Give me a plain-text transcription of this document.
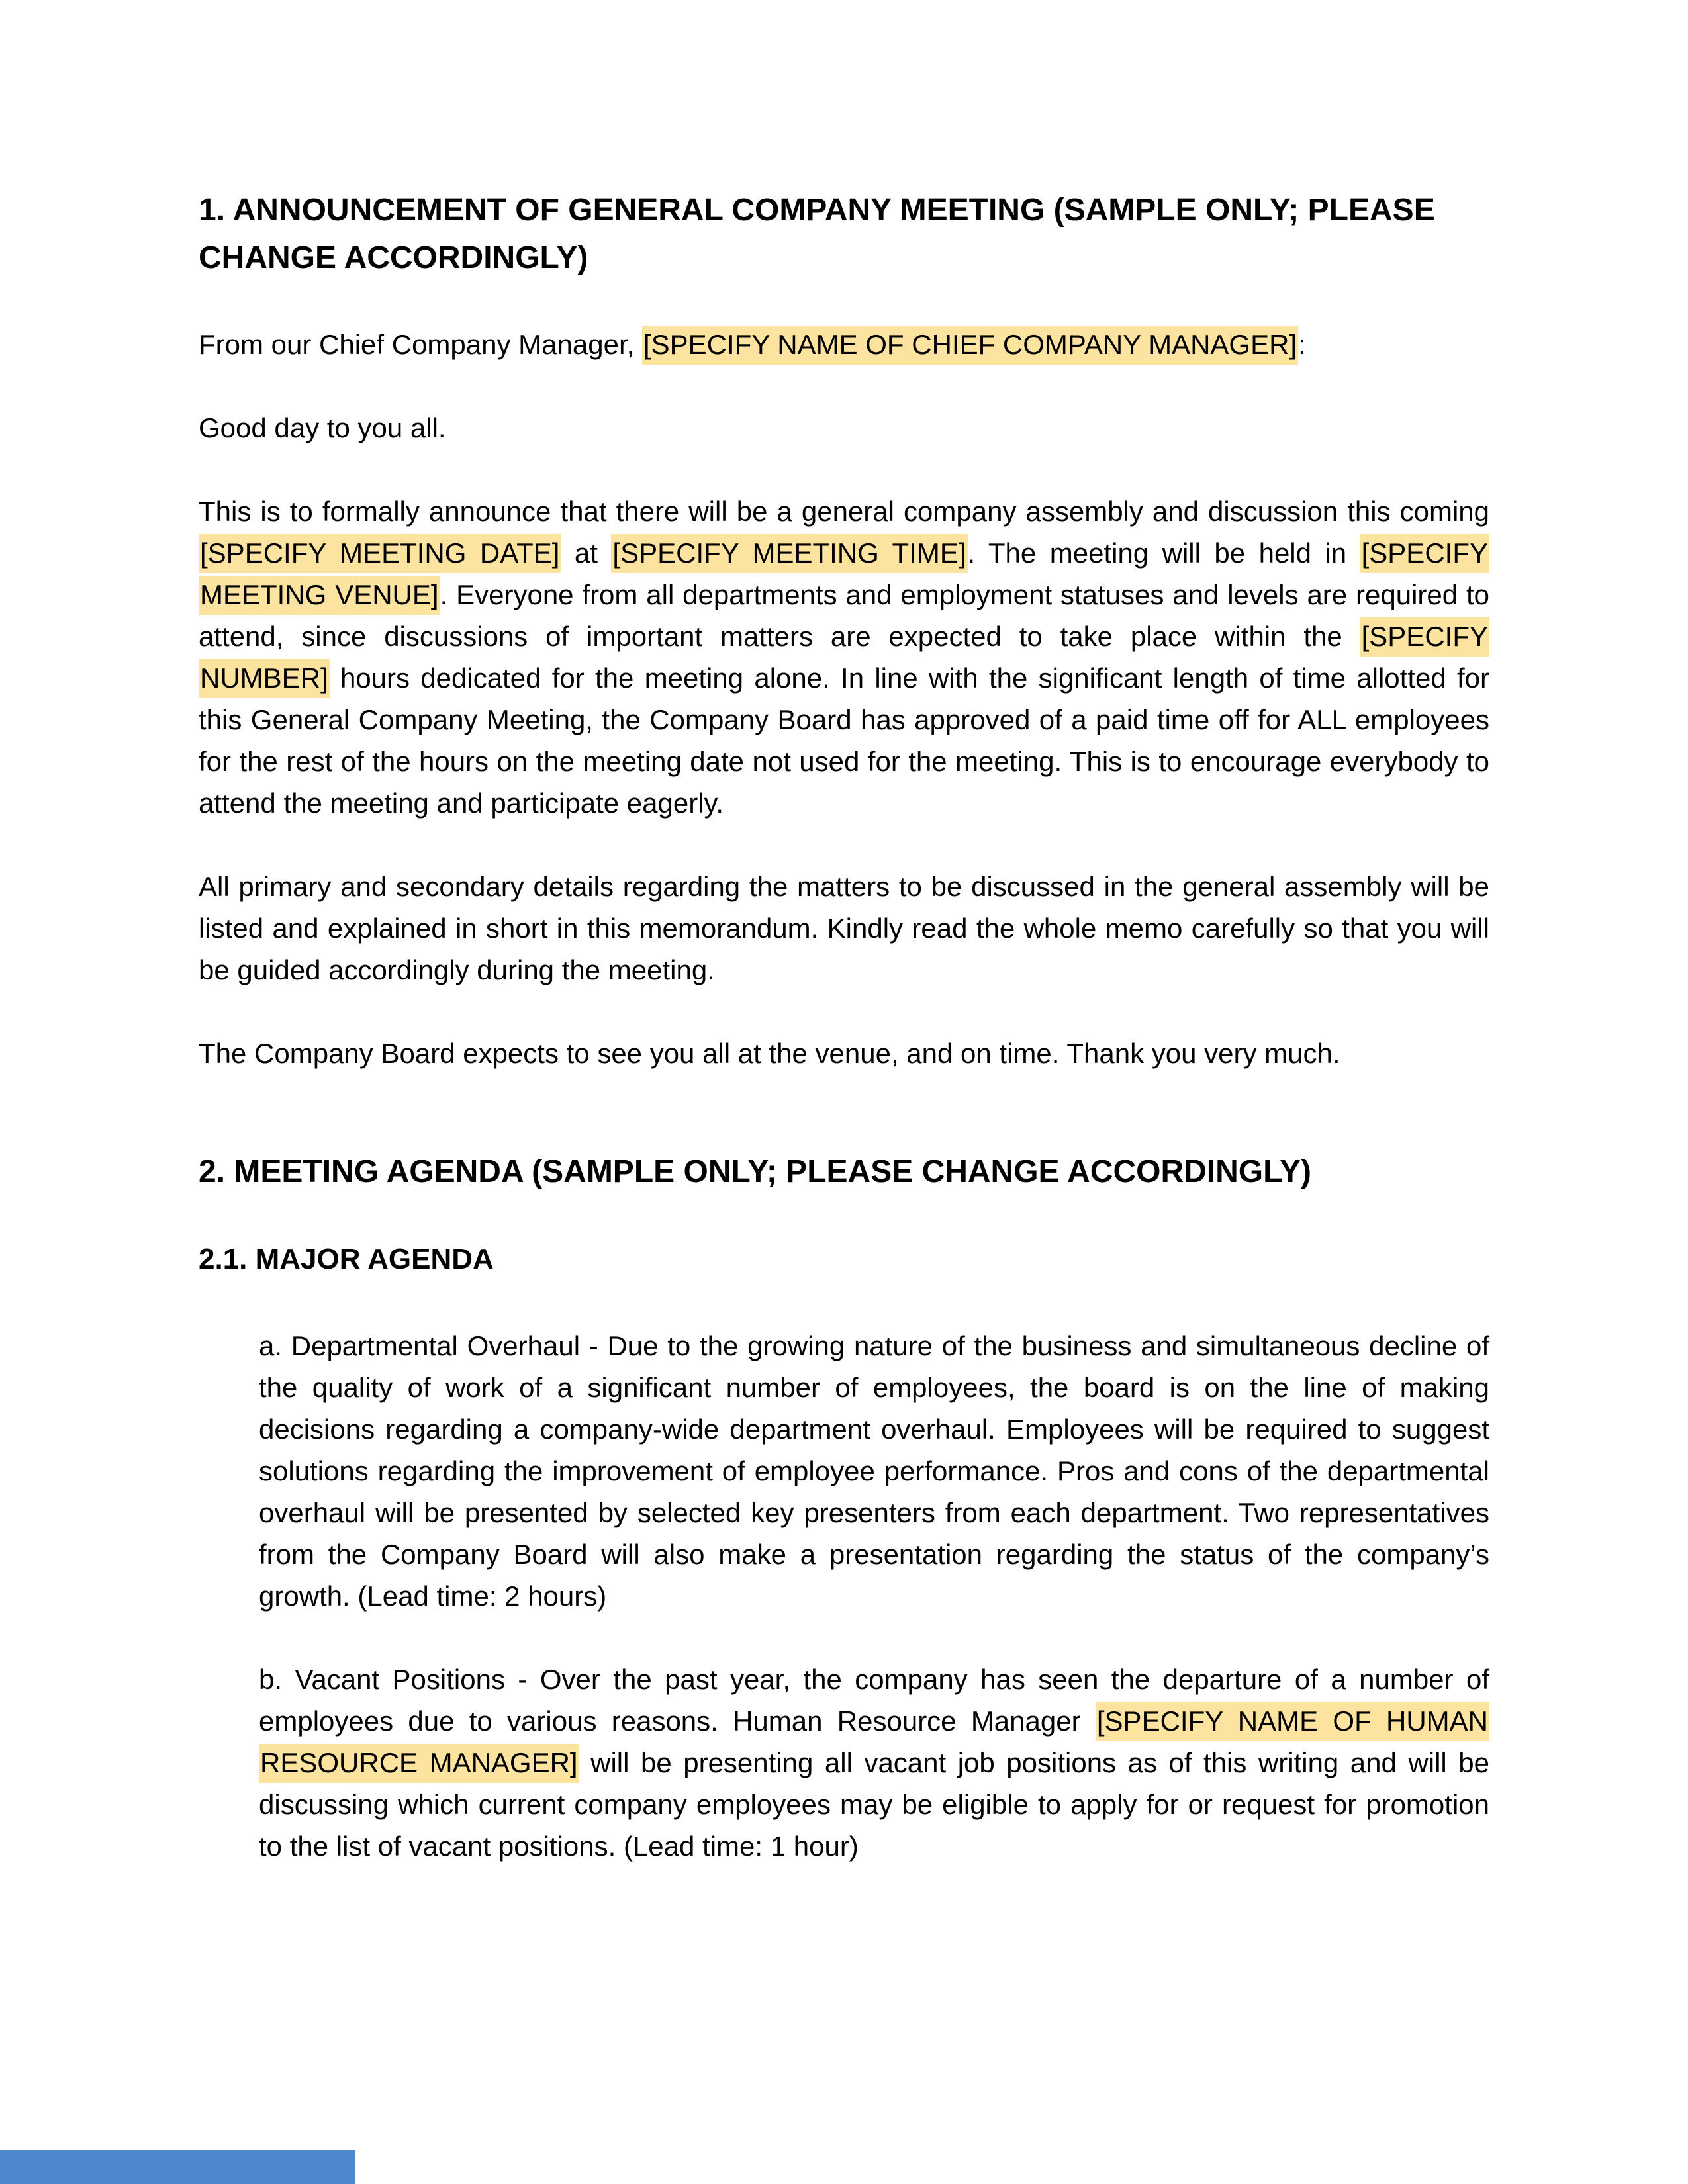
1. ANNOUNCEMENT OF GENERAL COMPANY MEETING (SAMPLE ONLY; PLEASE CHANGE ACCORDINGLY)

From our Chief Company Manager, [SPECIFY NAME OF CHIEF COMPANY MANAGER]:

Good day to you all.

This is to formally announce that there will be a general company assembly and discussion this coming [SPECIFY MEETING DATE] at [SPECIFY MEETING TIME]. The meeting will be held in [SPECIFY MEETING VENUE]. Everyone from all departments and employment statuses and levels are required to attend, since discussions of important matters are expected to take place within the [SPECIFY NUMBER] hours dedicated for the meeting alone. In line with the significant length of time allotted for this General Company Meeting, the Company Board has approved of a paid time off for ALL employees for the rest of the hours on the meeting date not used for the meeting. This is to encourage everybody to attend the meeting and participate eagerly.

All primary and secondary details regarding the matters to be discussed in the general assembly will be listed and explained in short in this memorandum. Kindly read the whole memo carefully so that you will be guided accordingly during the meeting.

The Company Board expects to see you all at the venue, and on time. Thank you very much.

2. MEETING AGENDA (SAMPLE ONLY; PLEASE CHANGE ACCORDINGLY)

2.1. MAJOR AGENDA

a. Departmental Overhaul - Due to the growing nature of the business and simultaneous decline of the quality of work of a significant number of employees, the board is on the line of making decisions regarding a company-wide department overhaul. Employees will be required to suggest solutions regarding the improvement of employee performance. Pros and cons of the departmental overhaul will be presented by selected key presenters from each department. Two representatives from the Company Board will also make a presentation regarding the status of the company’s growth. (Lead time: 2 hours)

b. Vacant Positions - Over the past year, the company has seen the departure of a number of employees due to various reasons. Human Resource Manager [SPECIFY NAME OF HUMAN RESOURCE MANAGER] will be presenting all vacant job positions as of this writing and will be discussing which current company employees may be eligible to apply for or request for promotion to the list of vacant positions. (Lead time: 1 hour)
